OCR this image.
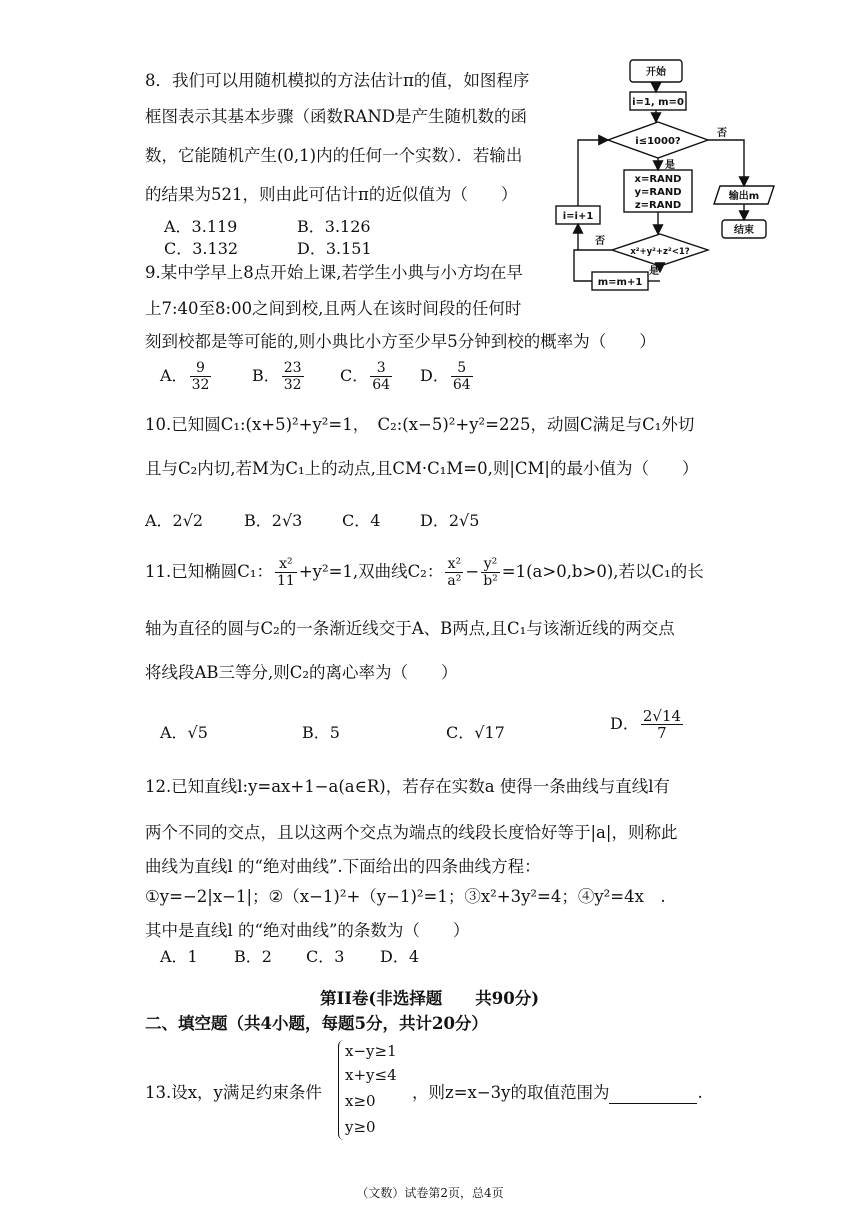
8．我们可以用随机模拟的方法估计π的值，如图程序
框图表示其基本步骤（函数RAND是产生随机数的函
数，它能随机产生(0,1)内的任何一个实数）．若输出
的结果为521，则由此可估计π的近似值为（　　）
A．3.119	B．3.126
C．3.132	D．3.151
开始
i=1, m=0
i≤1000?
否
是
x=RAND
y=RAND
z=RAND
输出m
结束
i=i+1
x²+y²+z²<1?
否
是
m=m+1
9.某中学早上8点开始上课,若学生小典与小方均在早
上7:40至8:00之间到校,且两人在该时间段的任何时
刻到校都是等可能的,则小典比小方至少早5分钟到校的概率为（　　）
A． $\frac{9}{32}$	B． $\frac{23}{32}$ C． $\frac{3}{64}$ D． $\frac{5}{64}$
10.已知圆C₁:(x+5)²+y²=1，　C₂:(x−5)²+y²=225，动圆C满足与C₁外切
且与C₂内切,若M为C₁上的动点,且CM·C₁M=0,则|CM|的最小值为（　　）
A．2√2	B．2√3 C．4 D．2√5
11.已知椭圆C₁： $\frac{\text{x²}}{11} +y^2=1$,双曲线C₂： $\frac{\text{x²}}{\text{a²}} - \frac{\text{y²}}{\text{b²}} =1(a>0,b>0)$,若以C₁的长
轴为直径的圆与C₂的一条渐近线交于A、B两点,且C₁与该渐近线的两交点
将线段AB三等分,则C₂的离心率为（　　）
A．√5	B．5	C．√17	D． $\frac{2√14}{7}$
12.已知直线l:y=ax+1−a(a∈R)，若存在实数a 使得一条曲线与直线l有
两个不同的交点，且以这两个交点为端点的线段长度恰好等于|a|，则称此
曲线为直线l 的“绝对曲线”.下面给出的四条曲线方程：
①y=−2|x−1|；②（x−1)²+（y−1)²=1；③x²+3y²=4；④y²=4x　.
其中是直线l 的“绝对曲线”的条数为（　　）
A．1 B．2 C．3 D．4
第II卷(非选择题　　共90分)
二、填空题（共4小题，每题5分，共计20分）
13.设x，y满足约束条件
x−y≥1
x+y≤4
x≥0
y≥0
，则z=x−3y的取值范围为	.
（文数）试卷第2页，总4页
